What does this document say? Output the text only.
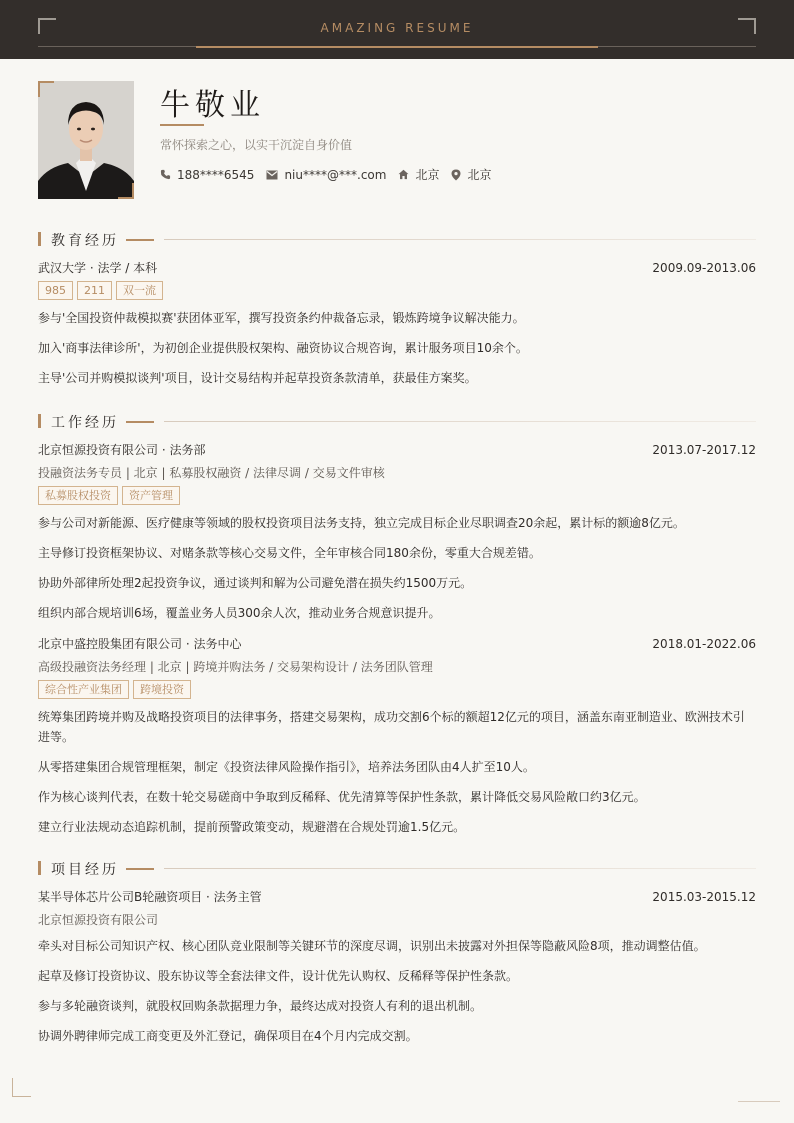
AMAZING RESUME
牛敬业
常怀探索之心，以实干沉淀自身价值
188****6545	niu****@***.com 北京 北京
教育经历
武汉大学 · 法学 / 本科	2009.09-2013.06
985	211	双一流
参与'全国投资仲裁模拟赛'获团体亚军，撰写投资条约仲裁备忘录，锻炼跨境争议解决能力。
加入'商事法律诊所'，为初创企业提供股权架构、融资协议合规咨询，累计服务项目10余个。
主导'公司并购模拟谈判'项目，设计交易结构并起草投资条款清单，获最佳方案奖。
工作经历
北京恒源投资有限公司 · 法务部	2013.07-2017.12
投融资法务专员 | 北京 | 私募股权融资 / 法律尽调 / 交易文件审核
私募股权投资	资产管理
参与公司对新能源、医疗健康等领域的股权投资项目法务支持，独立完成目标企业尽职调查20余起，累计标的额逾8亿元。
主导修订投资框架协议、对赌条款等核心交易文件，全年审核合同180余份，零重大合规差错。
协助外部律所处理2起投资争议，通过谈判和解为公司避免潜在损失约1500万元。
组织内部合规培训6场，覆盖业务人员300余人次，推动业务合规意识提升。
北京中盛控股集团有限公司 · 法务中心	2018.01-2022.06
高级投融资法务经理 | 北京 | 跨境并购法务 / 交易架构设计 / 法务团队管理
综合性产业集团	跨境投资
统筹集团跨境并购及战略投资项目的法律事务，搭建交易架构，成功交割6个标的额超12亿元的项目，涵盖东南亚制造业、欧洲技术引进等。
从零搭建集团合规管理框架，制定《投资法律风险操作指引》，培养法务团队由4人扩至10人。
作为核心谈判代表，在数十轮交易磋商中争取到反稀释、优先清算等保护性条款，累计降低交易风险敞口约3亿元。
建立行业法规动态追踪机制，提前预警政策变动，规避潜在合规处罚逾1.5亿元。
项目经历
某半导体芯片公司B轮融资项目 · 法务主管	2015.03-2015.12
北京恒源投资有限公司
牵头对目标公司知识产权、核心团队竞业限制等关键环节的深度尽调，识别出未披露对外担保等隐蔽风险8项，推动调整估值。
起草及修订投资协议、股东协议等全套法律文件，设计优先认购权、反稀释等保护性条款。
参与多轮融资谈判，就股权回购条款据理力争，最终达成对投资人有利的退出机制。
协调外聘律师完成工商变更及外汇登记，确保项目在4个月内完成交割。
